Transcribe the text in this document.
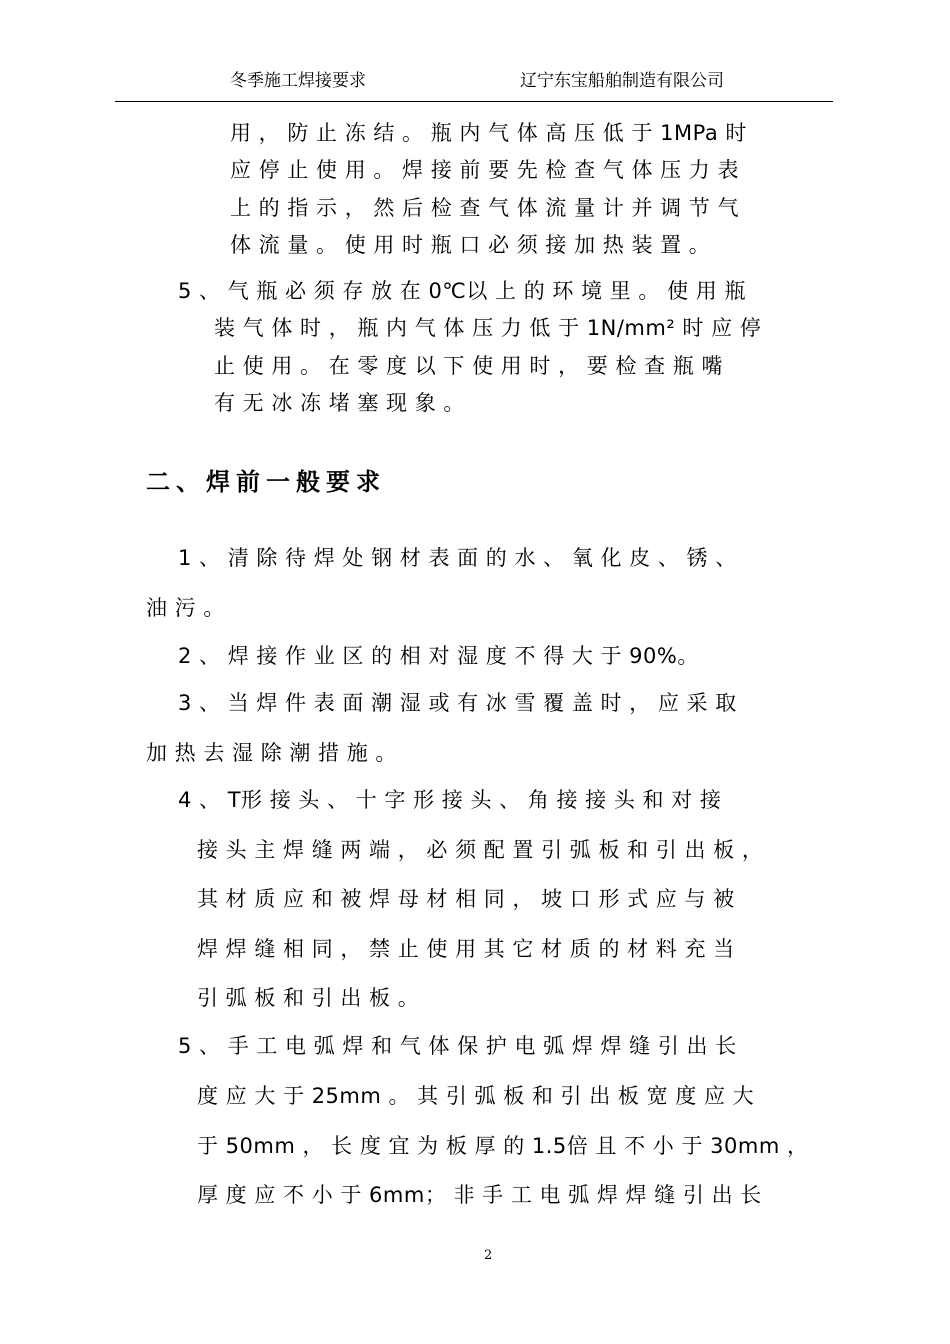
冬季施工焊接要求	辽宁东宝船舶制造有限公司
用 ， 防 止 冻 结 。 瓶 内 气 体 高 压 低 于 1MPa 时
应 停 止 使 用 。 焊 接 前 要 先 检 查 气 体 压 力 表
上 的 指 示 ， 然 后 检 查 气 体 流 量 计 并 调 节 气
体 流 量 。 使 用 时 瓶 口 必 须 接 加 热 装 置 。
5 、 气 瓶 必 须 存 放 在 0℃以 上 的 环 境 里 。 使 用 瓶
装 气 体 时 ， 瓶 内 气 体 压 力 低 于 1N/mm² 时 应 停
止 使 用 。 在 零 度 以 下 使 用 时 ， 要 检 查 瓶 嘴
有 无 冰 冻 堵 塞 现 象 。
二、焊前一般要求
1 、 清 除 待 焊 处 钢 材 表 面 的 水 、 氧 化 皮 、 锈 、
油 污 。
2 、 焊 接 作 业 区 的 相 对 湿 度 不 得 大 于 90%。
3 、 当 焊 件 表 面 潮 湿 或 有 冰 雪 覆 盖 时 ， 应 采 取
加 热 去 湿 除 潮 措 施 。
4 、 T形 接 头 、 十 字 形 接 头 、 角 接 接 头 和 对 接
接 头 主 焊 缝 两 端 ， 必 须 配 置 引 弧 板 和 引 出 板 ，
其 材 质 应 和 被 焊 母 材 相 同 ， 坡 口 形 式 应 与 被
焊 焊 缝 相 同 ， 禁 止 使 用 其 它 材 质 的 材 料 充 当
引 弧 板 和 引 出 板 。
5 、 手 工 电 弧 焊 和 气 体 保 护 电 弧 焊 焊 缝 引 出 长
度 应 大 于 25mm 。 其 引 弧 板 和 引 出 板 宽 度 应 大
于 50mm ， 长 度 宜 为 板 厚 的 1.5倍 且 不 小 于 30mm ，
厚 度 应 不 小 于 6mm； 非 手 工 电 弧 焊 焊 缝 引 出 长
2
